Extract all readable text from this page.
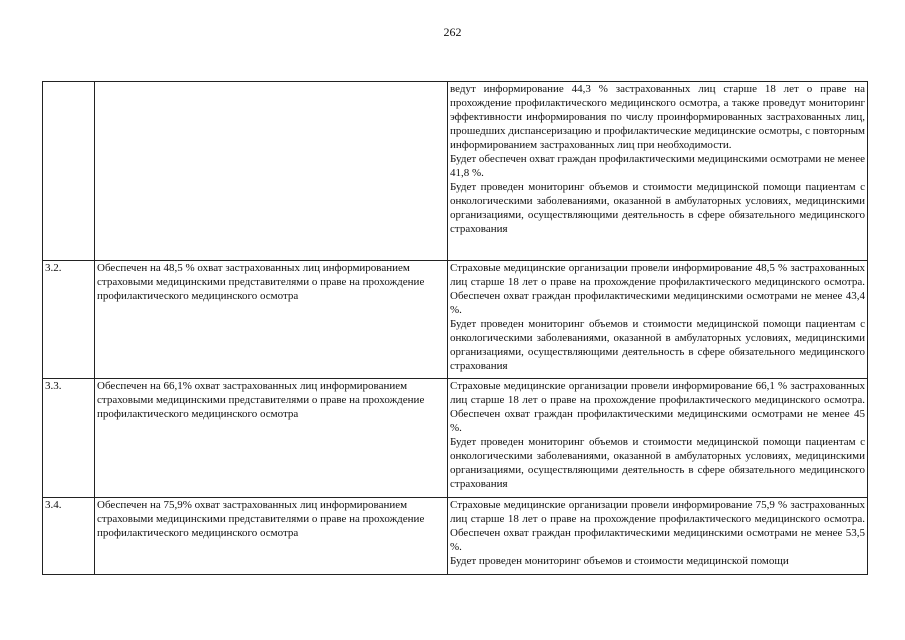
262

		ведут информирование 44,3 % застрахованных лиц старше 18 лет о праве на прохождение профилактического медицинского осмотра, а также проведут мониторинг эффективности информирования по числу проинформированных застрахованных лиц, прошедших диспансеризацию и профилактические медицинские осмотры, с повторным информированием застрахованных лиц при необходимости.

Будет обеспечен охват граждан профилактическими медицинскими осмотрами не менее 41,8 %.

Будет проведен мониторинг объемов и стоимости медицинской помощи пациентам с онкологическими заболеваниями, оказанной в амбулаторных условиях, медицинскими организациями, осуществляющими деятельность в сфере обязательного медицинского страхования

3.2.	Обеспечен на 48,5 % охват застрахованных лиц информированием страховыми медицинскими представителями о праве на прохождение профилактического медицинского осмотра	Страховые медицинские организации провели информирование 48,5 % застрахованных лиц старше 18 лет о праве на прохождение профилактического медицинского осмотра. Обеспечен охват граждан профилактическими медицинскими осмотрами не менее 43,4 %.

Будет проведен мониторинг объемов и стоимости медицинской помощи пациентам с онкологическими заболеваниями, оказанной в амбулаторных условиях, медицинскими организациями, осуществляющими деятельность в сфере обязательного медицинского страхования

3.3.	Обеспечен на 66,1% охват застрахованных лиц информированием страховыми медицинскими представителями о праве на прохождение профилактического медицинского осмотра	Страховые медицинские организации провели информирование 66,1 % застрахованных лиц старше 18 лет о праве на прохождение профилактического медицинского осмотра. Обеспечен охват граждан профилактическими медицинскими осмотрами не менее 45 %.

Будет проведен мониторинг объемов и стоимости медицинской помощи пациентам с онкологическими заболеваниями, оказанной в амбулаторных условиях, медицинскими организациями, осуществляющими деятельность в сфере обязательного медицинского страхования

3.4.	Обеспечен на 75,9% охват застрахованных лиц информированием страховыми медицинскими представителями о праве на прохождение профилактического медицинского осмотра	Страховые медицинские организации провели информирование 75,9 % застрахованных лиц старше 18 лет о праве на прохождение профилактического медицинского осмотра. Обеспечен охват граждан профилактическими медицинскими осмотрами не менее 53,5 %.

Будет проведен мониторинг объемов и стоимости медицинской помощи
